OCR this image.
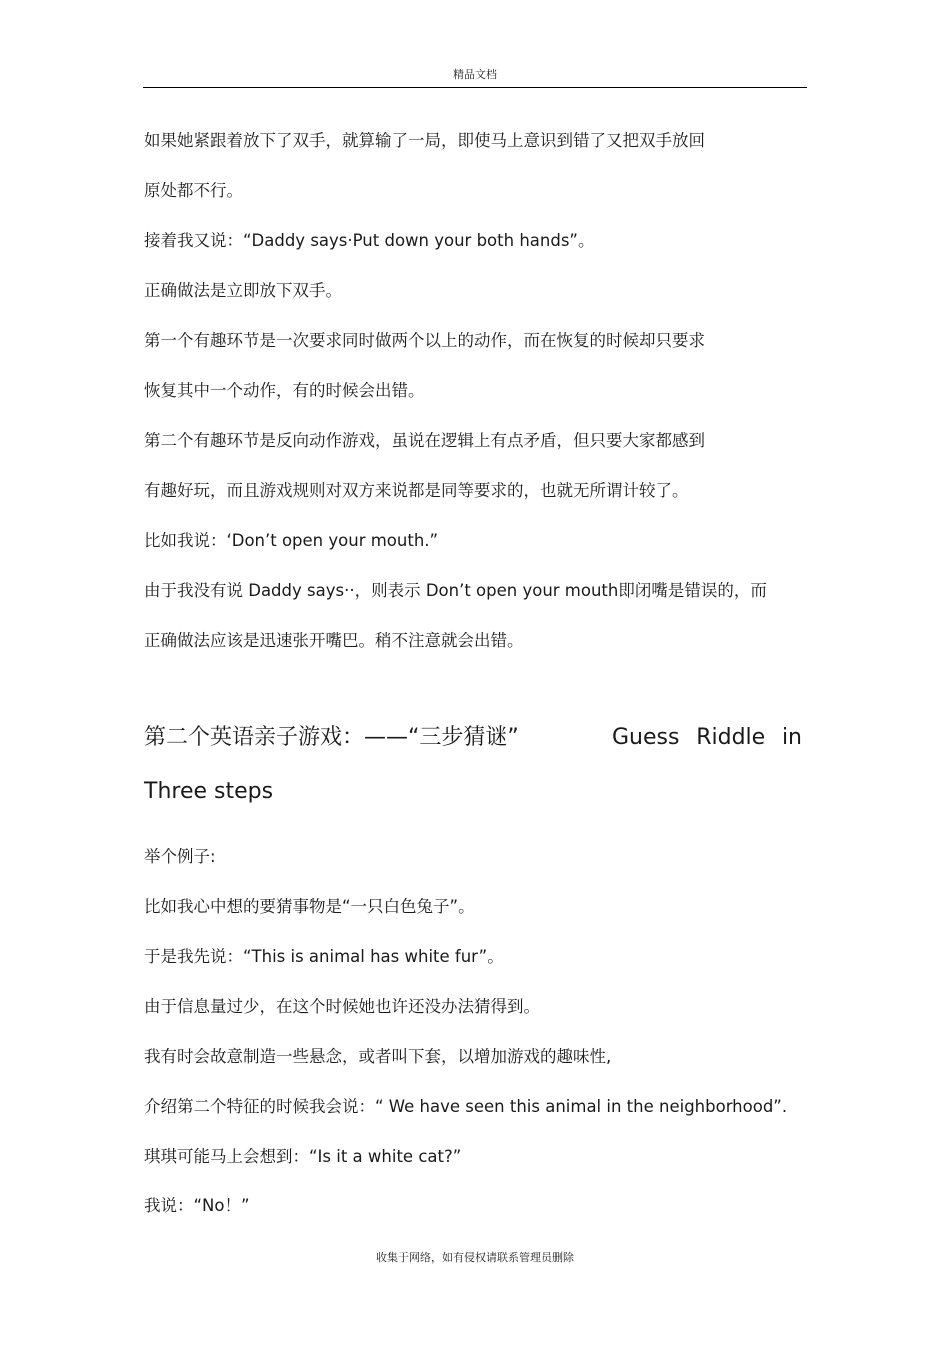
精品文档
如果她紧跟着放下了双手，就算输了一局，即使马上意识到错了又把双手放回
原处都不行。
接着我又说：“Daddy says·Put down your both hands”。
正确做法是立即放下双手。
第一个有趣环节是一次要求同时做两个以上的动作，而在恢复的时候却只要求
恢复其中一个动作，有的时候会出错。
第二个有趣环节是反向动作游戏，虽说在逻辑上有点矛盾，但只要大家都感到
有趣好玩，而且游戏规则对双方来说都是同等要求的，也就无所谓计较了。
比如我说：‘Don’t open your mouth.”
由于我没有说 Daddy says··，则表示 Don’t open your mouth即闭嘴是错误的，而
正确做法应该是迅速张开嘴巴。稍不注意就会出错。
第二个英语亲子游戏：——“三步猜谜”	Guess Riddle in
Three steps
举个例子:
比如我心中想的要猜事物是“一只白色兔子”。
于是我先说：“This is animal has white fur”。
由于信息量过少，在这个时候她也许还没办法猜得到。
我有时会故意制造一些悬念，或者叫下套，以增加游戏的趣味性,
介绍第二个特征的时候我会说：“ We have seen this animal in the neighborhood”.
琪琪可能马上会想到：“Is it a white cat?”
我说：“No！”
收集于网络，如有侵权请联系管理员删除
